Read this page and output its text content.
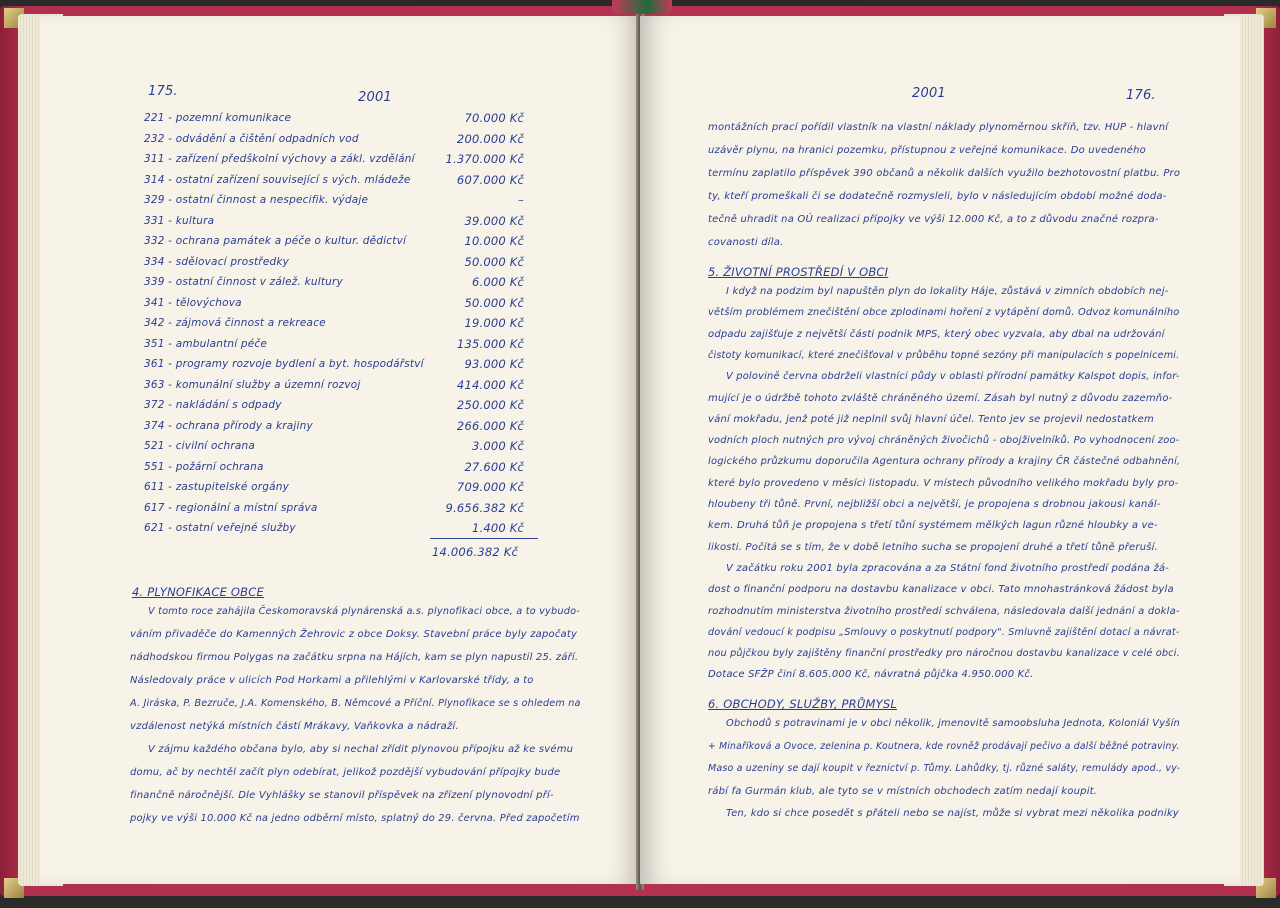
175.	2001
221 - pozemní komunikace	70.000 Kč
232 - odvádění a čištění odpadních vod	200.000 Kč
311 - zařízení předškolní výchovy a zákl. vzdělání	1.370.000 Kč
314 - ostatní zařízení související s vých. mládeže	607.000 Kč
329 - ostatní činnost a nespecifik. výdaje	–
331 - kultura	39.000 Kč
332 - ochrana památek a péče o kultur. dědictví	10.000 Kč
334 - sdělovací prostředky	50.000 Kč
339 - ostatní činnost v zálež. kultury	6.000 Kč
341 - tělovýchova	50.000 Kč
342 - zájmová činnost a rekreace	19.000 Kč
351 - ambulantní péče	135.000 Kč
361 - programy rozvoje bydlení a byt. hospodářství	93.000 Kč
363 - komunální služby a územní rozvoj	414.000 Kč
372 - nakládání s odpady	250.000 Kč
374 - ochrana přírody a krajiny	266.000 Kč
521 - civilní ochrana	3.000 Kč
551 - požární ochrana	27.600 Kč
611 - zastupitelské orgány	709.000 Kč
617 - regionální a místní správa	9.656.382 Kč
621 - ostatní veřejné služby	1.400 Kč
14.006.382 Kč
4. PLYNOFIKACE OBCE
V tomto roce zahájila Českomoravská plynárenská a.s. plynofikaci obce, a to vybudo-
váním přivaděče do Kamenných Žehrovic z obce Doksy. Stavební práce byly započaty
nádhodskou firmou Polygas na začátku srpna na Hájích, kam se plyn napustil 25. září.
Následovaly práce v ulicích Pod Horkami a přilehlými v Karlovarské třídy, a to
A. Jiráska, P. Bezruče, J.A. Komenského, B. Němcové a Příční. Plynofikace se s ohledem na
vzdálenost netýká místních částí Mrákavy, Vaňkovka a nádraží.
V zájmu každého občana bylo, aby si nechal zřídit plynovou přípojku až ke svému
domu, ač by nechtěl začít plyn odebírat, jelikož pozdější vybudování přípojky bude
finančně náročnější. Dle Vyhlášky se stanovil příspěvek na zřízení plynovodní pří-
pojky ve výši 10.000 Kč na jedno odběrní místo, splatný do 29. června. Před započetím
2001	176.
montážních prací pořídil vlastník na vlastní náklady plynoměrnou skříň, tzv. HUP - hlavní
uzávěr plynu, na hranici pozemku, přístupnou z veřejné komunikace. Do uvedeného
termínu zaplatilo příspěvek 390 občanů a několik dalších využilo bezhotovostní platbu. Pro
ty, kteří promeškali či se dodatečně rozmysleli, bylo v následujícím období možné doda-
tečně uhradit na OÚ realizaci přípojky ve výši 12.000 Kč, a to z důvodu značné rozpra-
covanosti díla.
5. ŽIVOTNÍ PROSTŘEDÍ V OBCI
I když na podzim byl napuštěn plyn do lokality Háje, zůstává v zimních obdobích nej-
větším problémem znečištění obce zplodinami hoření z vytápění domů. Odvoz komunálního
odpadu zajišťuje z největší části podnik MPS, který obec vyzvala, aby dbal na udržování
čistoty komunikací, které znečišťoval v průběhu topné sezóny při manipulacích s popelnicemi.
V polovině června obdrželi vlastníci půdy v oblasti přírodní památky Kalspot dopis, infor-
mující je o údržbě tohoto zvláště chráněného území. Zásah byl nutný z důvodu zazemňo-
vání mokřadu, jenž poté již neplnil svůj hlavní účel. Tento jev se projevil nedostatkem
vodních ploch nutných pro vývoj chráněných živočichů - obojživelníků. Po vyhodnocení zoo-
logického průzkumu doporučila Agentura ochrany přírody a krajiny ČR částečné odbahnění,
které bylo provedeno v měsíci listopadu. V místech původního velikého mokřadu byly pro-
hloubeny tři tůně. První, nejbližší obci a největší, je propojena s drobnou jakousi kanál-
kem. Druhá tůň je propojena s třetí tůní systémem mělkých lagun různé hloubky a ve-
likosti. Počítá se s tím, že v době letního sucha se propojení druhé a třetí tůně přeruší.
V začátku roku 2001 byla zpracována a za Státní fond životního prostředí podána žá-
dost o finanční podporu na dostavbu kanalizace v obci. Tato mnohastránková žádost byla
rozhodnutím ministerstva životního prostředí schválena, následovala další jednání a dokla-
dování vedoucí k podpisu „Smlouvy o poskytnutí podpory". Smluvně zajištění dotací a návrat-
nou půjčkou byly zajištěny finanční prostředky pro náročnou dostavbu kanalizace v celé obci.
Dotace SFŽP činí 8.605.000 Kč, návratná půjčka 4.950.000 Kč.
6. OBCHODY, SLUŽBY, PRŮMYSL
Obchodů s potravinami je v obci několik, jmenovitě samoobsluha Jednota, Koloniál Vyšín
+ Minaříková a Ovoce, zelenina p. Koutnera, kde rovněž prodávají pečivo a další běžné potraviny.
Maso a uzeniny se dají koupit v řeznictví p. Tůmy. Lahůdky, tj. různé saláty, remulády apod., vy-
rábí fa Gurmán klub, ale tyto se v místních obchodech zatím nedají koupit.
Ten, kdo si chce posedět s přáteli nebo se najíst, může si vybrat mezi několika podniky
